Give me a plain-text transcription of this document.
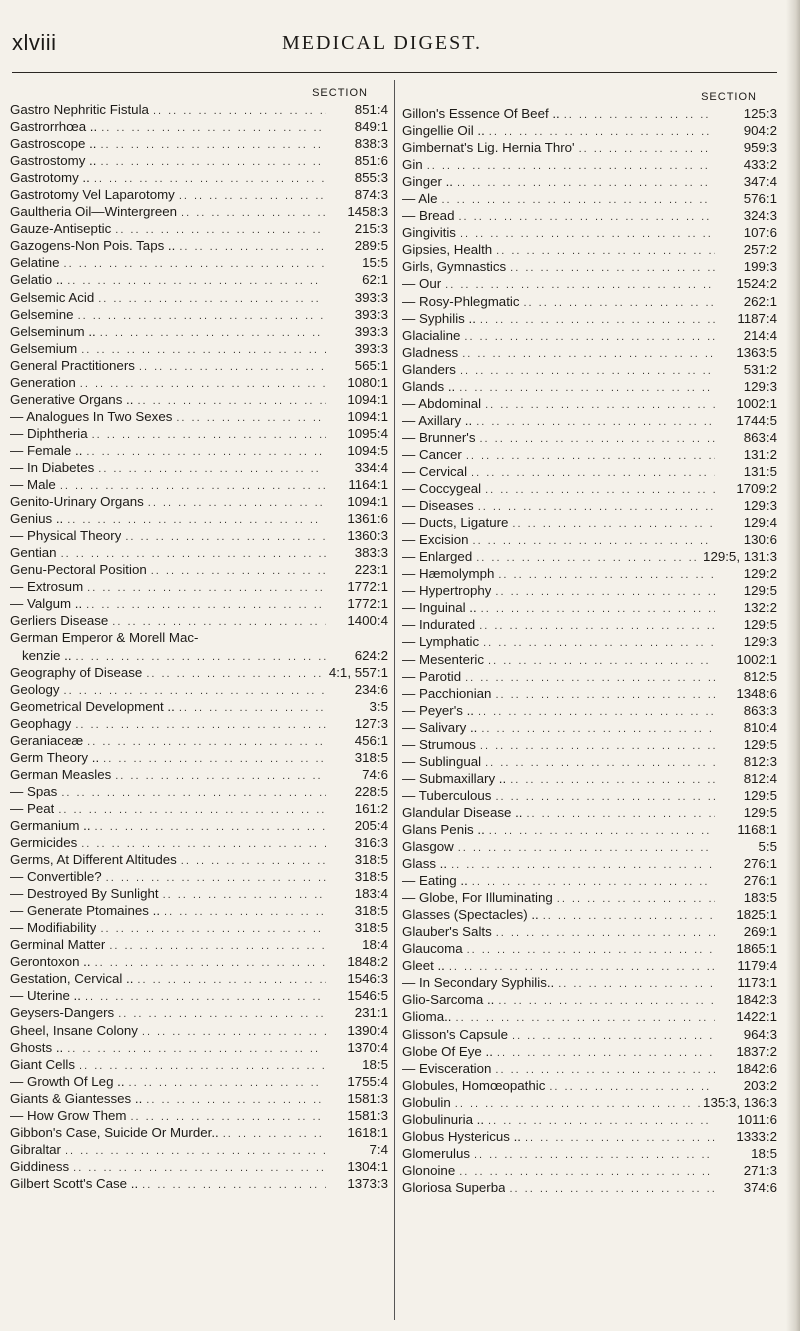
xlviii	MEDICAL DIGEST.
SECTION
Gastro Nephritic Fistula .. ..	851:4
Gastrorrhœa .. .. ..	849:1
Gastroscope .. .. ..	838:3
Gastrostomy .. .. ..	851:6
Gastrotomy .. .. ..	855:3
Gastrotomy Vel Laparotomy .. ..	874:3
Gaultheria Oil—Wintergreen .. ..	1458:3
Gauze-Antiseptic .. ..	215:3
Gazogens-Non Pois. Taps .. .. ..	289:5
Gelatine .. ..	15:5
Gelatio .. .. ..	62:1
Gelsemic Acid .. ..	393:3
Gelsemine .. ..	393:3
Gelseminum .. .. ..	393:3
Gelsemium .. ..	393:3
General Practitioners .. ..	565:1
Generation .. ..	1080:1
Generative Organs .. .. ..	1094:1
— Analogues In Two Sexes .. ..	1094:1
— Diphtheria .. ..	1095:4
— Female .. .. ..	1094:5
— In Diabetes .. ..	334:4
— Male .. ..	1164:1
Genito-Urinary Organs .. ..	1094:1
Genius .. .. ..	1361:6
— Physical Theory .. ..	1360:3
Gentian .. ..	383:3
Genu-Pectoral Position .. ..	223:1
— Extrosum .. ..	1772:1
— Valgum .. .. ..	1772:1
Gerliers Disease .. ..	1400:4
German Emperor & Morell Mac-
kenzie .. .. ..	624:2
Geography of Disease .. ..	4:1, 557:1
Geology .. ..	234:6
Geometrical Development .. .. ..	3:5
Geophagy .. ..	127:3
Geraniaceæ .. ..	456:1
Germ Theory .. .. ..	318:5
German Measles .. ..	74:6
— Spas .. ..	228:5
— Peat .. ..	161:2
Germanium .. .. ..	205:4
Germicides .. ..	316:3
Germs, At Different Altitudes .. ..	318:5
— Convertible? .. ..	318:5
— Destroyed By Sunlight .. ..	183:4
— Generate Ptomaines .. .. ..	318:5
— Modifiability .. ..	318:5
Germinal Matter .. ..	18:4
Gerontoxon .. .. ..	1848:2
Gestation, Cervical .. .. ..	1546:3
— Uterine .. .. ..	1546:5
Geysers-Dangers .. ..	231:1
Gheel, Insane Colony .. ..	1390:4
Ghosts .. .. ..	1370:4
Giant Cells .. ..	18:5
— Growth Of Leg .. .. ..	1755:4
Giants & Giantesses .. .. ..	1581:3
— How Grow Them .. ..	1581:3
Gibbon's Case, Suicide Or Murder.. .. ..	1618:1
Gibraltar .. ..	7:4
Giddiness .. ..	1304:1
Gilbert Scott's Case .. .. ..	1373:3
SECTION
Gillon's Essence Of Beef .. .. ..	125:3
Gingellie Oil .. .. ..	904:2
Gimbernat's Lig. Hernia Thro' .. ..	959:3
Gin .. ..	433:2
Ginger .. .. ..	347:4
— Ale .. ..	576:1
— Bread .. ..	324:3
Gingivitis .. ..	107:6
Gipsies, Health .. ..	257:2
Girls, Gymnastics .. ..	199:3
— Our .. ..	1524:2
— Rosy-Phlegmatic .. ..	262:1
— Syphilis .. .. ..	1187:4
Glacialine .. ..	214:4
Gladness .. ..	1363:5
Glanders .. ..	531:2
Glands .. .. ..	129:3
— Abdominal .. ..	1002:1
— Axillary .. .. ..	1744:5
— Brunner's .. ..	863:4
— Cancer .. ..	131:2
— Cervical .. ..	131:5
— Coccygeal .. ..	1709:2
— Diseases .. ..	129:3
— Ducts, Ligature .. ..	129:4
— Excision .. ..	130:6
— Enlarged .. ..	129:5, 131:3
— Hæmolymph .. ..	129:2
— Hypertrophy .. ..	129:5
— Inguinal .. .. ..	132:2
— Indurated .. ..	129:5
— Lymphatic .. ..	129:3
— Mesenteric .. ..	1002:1
— Parotid .. ..	812:5
— Pacchionian .. ..	1348:6
— Peyer's .. .. ..	863:3
— Salivary .. .. ..	810:4
— Strumous .. ..	129:5
— Sublingual .. ..	812:3
— Submaxillary .. .. ..	812:4
— Tuberculous .. ..	129:5
Glandular Disease .. .. ..	129:5
Glans Penis .. .. ..	1168:1
Glasgow .. ..	5:5
Glass .. .. ..	276:1
— Eating .. .. ..	276:1
— Globe, For Illuminating .. ..	183:5
Glasses (Spectacles) .. .. ..	1825:1
Glauber's Salts .. ..	269:1
Glaucoma .. ..	1865:1
Gleet .. .. ..	1179:4
— In Secondary Syphilis.. .. ..	1173:1
Glio-Sarcoma .. .. ..	1842:3
Glioma.. .. ..	1422:1
Glisson's Capsule .. ..	964:3
Globe Of Eye .. .. ..	1837:2
— Evisceration .. ..	1842:6
Globules, Homœopathic .. ..	203:2
Globulin .. ..	135:3, 136:3
Globulinuria .. .. ..	1011:6
Globus Hystericus .. .. ..	1333:2
Glomerulus .. ..	18:5
Glonoine .. ..	271:3
Gloriosa Superba .. ..	374:6
